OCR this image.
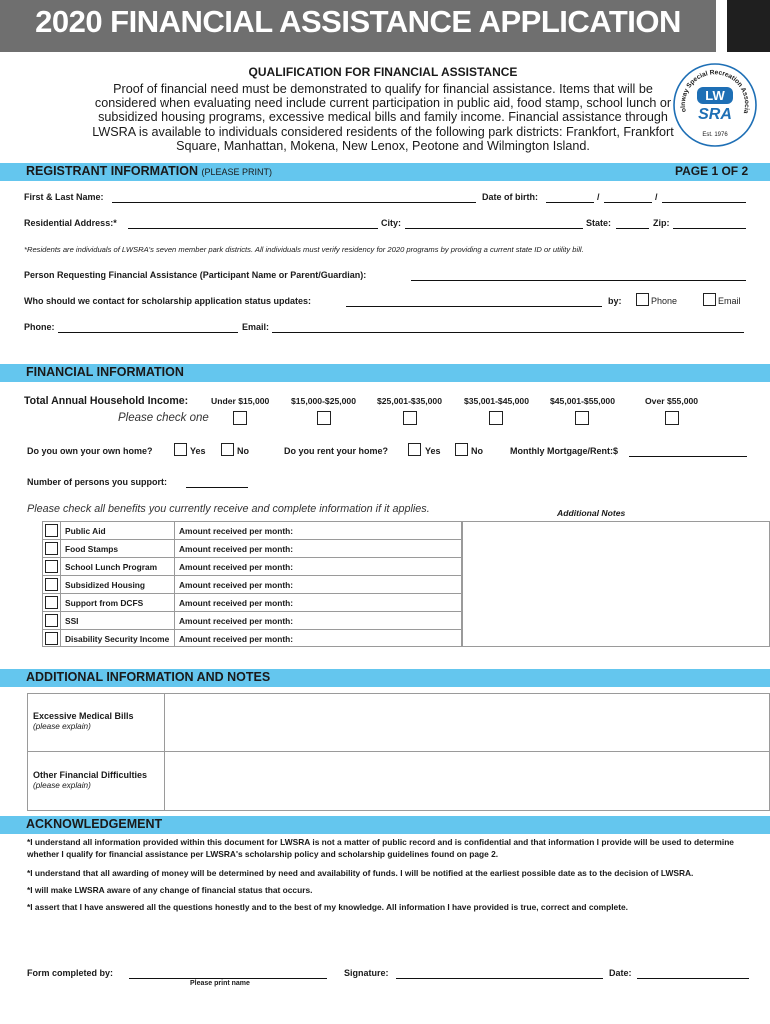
2020 FINANCIAL ASSISTANCE APPLICATION
QUALIFICATION FOR FINANCIAL ASSISTANCE
Proof of financial need must be demonstrated to qualify for financial assistance. Items that will be considered when evaluating need include current participation in public aid, food stamp, school lunch or subsidized housing programs, excessive medical bills and family income. Financial assistance through LWSRA is available to individuals considered residents of the following park districts: Frankfort, Frankfort Square, Manhattan, Mokena, New Lenox, Peotone and Wilmington Island.
olnway Special Recreation Associa
LW
SRA
Est. 1976
REGISTRANT INFORMATION (PLEASE PRINT)	PAGE 1 OF 2
First & Last Name:	Date of birth:	/	/
Residential Address:*	City:	State:	Zip:
*Residents are individuals of LWSRA's seven member park districts. All individuals must verify residency for 2020 programs by providing a current state ID or utility bill.
Person Requesting Financial Assistance (Participant Name or Parent/Guardian):
Who should we contact for scholarship application status updates:	by:	Phone	Email
Phone:	Email:
FINANCIAL INFORMATION
Total Annual Household Income:
Please check one
Under $15,000	$15,000-$25,000 $25,001-$35,000	$35,001-$45,000 $45,001-$55,000	Over $55,000
Do you own your own home?	Yes	No	Do you rent your home?	Yes	No	Monthly Mortgage/Rent:$
Number of persons you support:
Please check all benefits you currently receive and complete information if it applies.	Additional Notes
Public Aid	Amount received per month:
Food Stamps	Amount received per month:
School Lunch Program	Amount received per month:
Subsidized Housing	Amount received per month:
Support from DCFS	Amount received per month:
SSI	Amount received per month:
Disability Security Income Amount received per month:
ADDITIONAL INFORMATION AND NOTES
Excessive Medical Bills
(please explain)
Other Financial Difficulties
(please explain)
ACKNOWLEDGEMENT
*I understand all information provided within this document for LWSRA is not a matter of public record and is confidential and that information I provide will be used to determine whether I qualify for financial assistance per LWSRA's scholarship policy and scholarship guidelines found on page 2.
*I understand that all awarding of money will be determined by need and availability of funds. I will be notified at the earliest possible date as to the decision of LWSRA.
*I will make LWSRA aware of any change of financial status that occurs.
*I assert that I have answered all the questions honestly and to the best of my knowledge. All information I have provided is true, correct and complete.
Form completed by:
Please print name
Signature:	Date:
